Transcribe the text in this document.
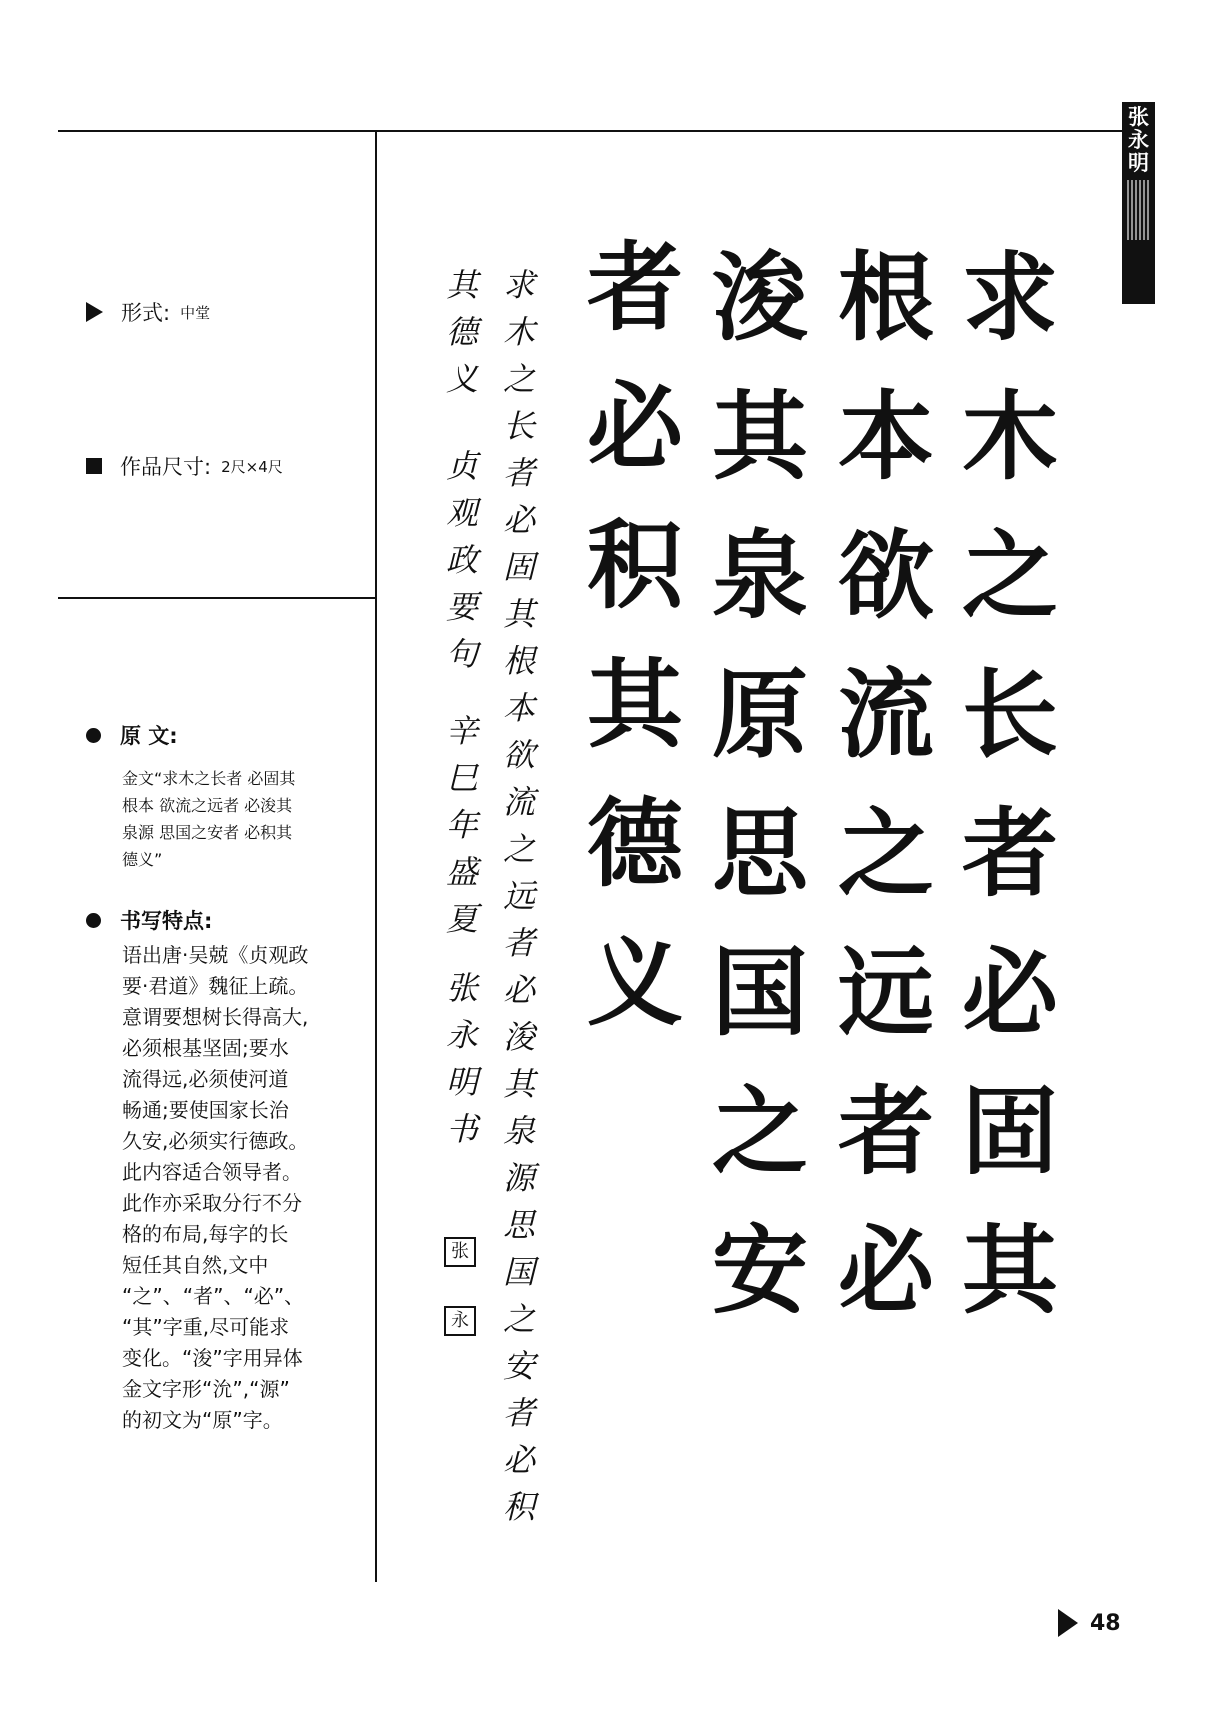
张永明
篆书
格言
形式: 中堂
作品尺寸: 2尺×4尺
原 文:
金文“求木之长者 必固其
根本 欲流之远者 必浚其
泉源 思国之安者 必积其
德义”
书写特点:
语出唐·吴兢《贞观政
要·君道》魏征上疏。
意谓要想树长得高大,
必须根基坚固;要水
流得远,必须使河道
畅通;要使国家长治
久安,必须实行德政。
此内容适合领导者。
此作亦采取分行不分
格的布局,每字的长
短任其自然,文中
“之”、“者”、“必”、
“其”字重,尽可能求
变化。“浚”字用异体
金文字形“沇”,“源”
的初文为“原”字。
求
木
之
长
者
必
固
其
根
本
欲
流
之
远
者
必
浚
其
泉
原
思
国
之
安
者
必
积
其
德
义
求
木
之
长
者
必
固
其
根
本
欲
流
之
远
者
必
浚
其
泉
源
思
国
之
安
者
必
积
其
德
义
贞
观
政
要
句
辛
巳
年
盛
夏
张
永
明
书
张
永
48
